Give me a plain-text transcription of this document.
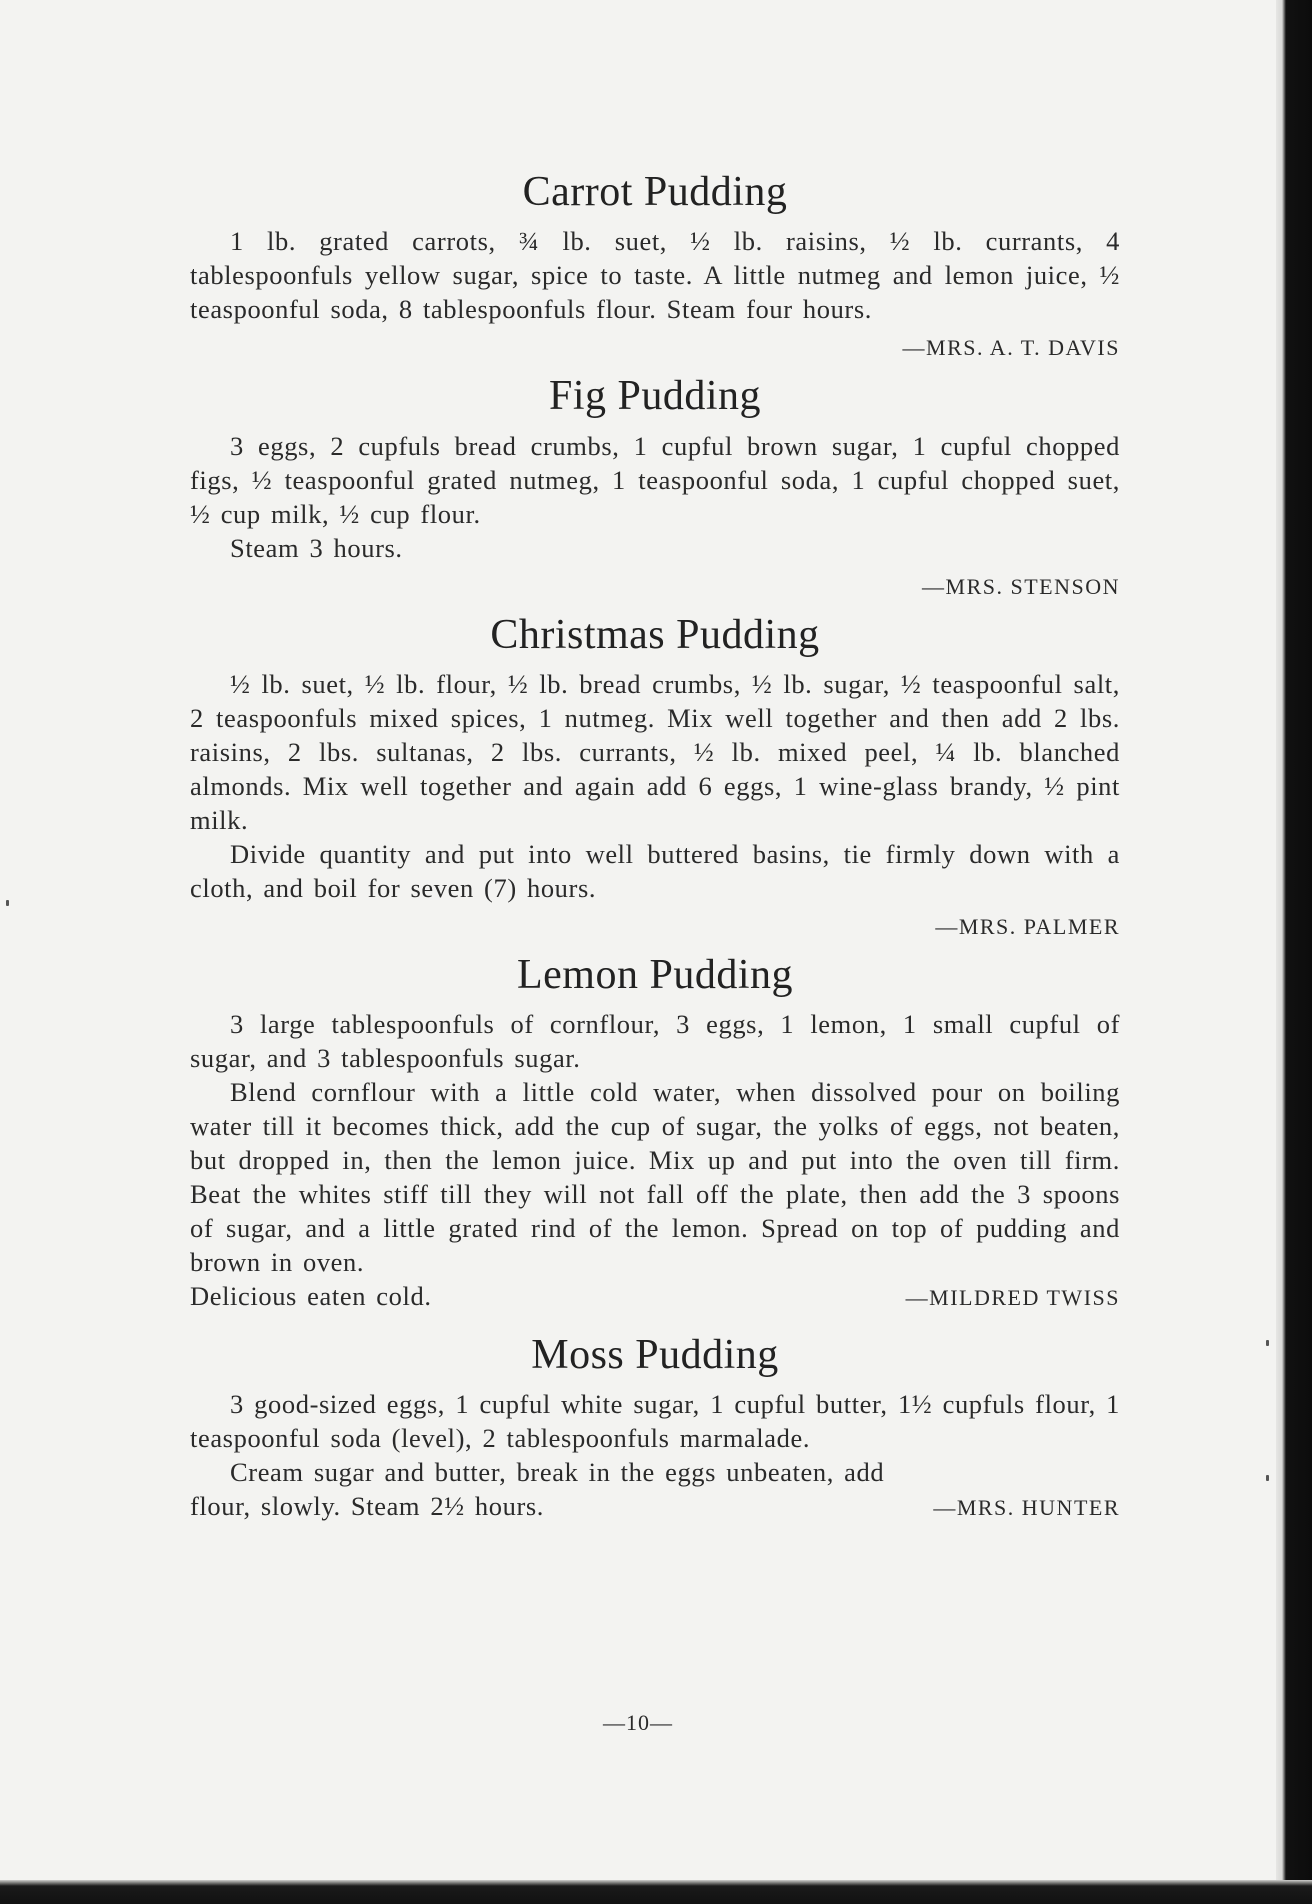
Carrot Pudding

1 lb. grated carrots, ¾ lb. suet, ½ lb. raisins, ½ lb. currants, 4 tablespoonfuls yellow sugar, spice to taste. A little nutmeg and lemon juice, ½ teaspoonful soda, 8 tablespoonfuls flour. Steam four hours.

—MRS. A. T. DAVIS
Fig Pudding

3 eggs, 2 cupfuls bread crumbs, 1 cupful brown sugar, 1 cupful chopped figs, ½ teaspoonful grated nutmeg, 1 teaspoonful soda, 1 cupful chopped suet, ½ cup milk, ½ cup flour.

Steam 3 hours.

—MRS. STENSON
Christmas Pudding

½ lb. suet, ½ lb. flour, ½ lb. bread crumbs, ½ lb. sugar, ½ teaspoonful salt, 2 teaspoonfuls mixed spices, 1 nutmeg. Mix well together and then add 2 lbs. raisins, 2 lbs. sultanas, 2 lbs. currants, ½ lb. mixed peel, ¼ lb. blanched almonds. Mix well together and again add 6 eggs, 1 wine-glass brandy, ½ pint milk.

Divide quantity and put into well buttered basins, tie firmly down with a cloth, and boil for seven (7) hours.

—MRS. PALMER
Lemon Pudding

3 large tablespoonfuls of cornflour, 3 eggs, 1 lemon, 1 small cupful of sugar, and 3 tablespoonfuls sugar.

Blend cornflour with a little cold water, when dissolved pour on boiling water till it becomes thick, add the cup of sugar, the yolks of eggs, not beaten, but dropped in, then the lemon juice. Mix up and put into the oven till firm. Beat the whites stiff till they will not fall off the plate, then add the 3 spoons of sugar, and a little grated rind of the lemon. Spread on top of pudding and brown in oven.

Delicious eaten cold.	—MILDRED TWISS
Moss Pudding

3 good-sized eggs, 1 cupful white sugar, 1 cupful butter, 1½ cupfuls flour, 1 teaspoonful soda (level), 2 tablespoonfuls marmalade.

Cream sugar and butter, break in the eggs unbeaten, add

flour, slowly. Steam 2½ hours.	—MRS. HUNTER
—10—
